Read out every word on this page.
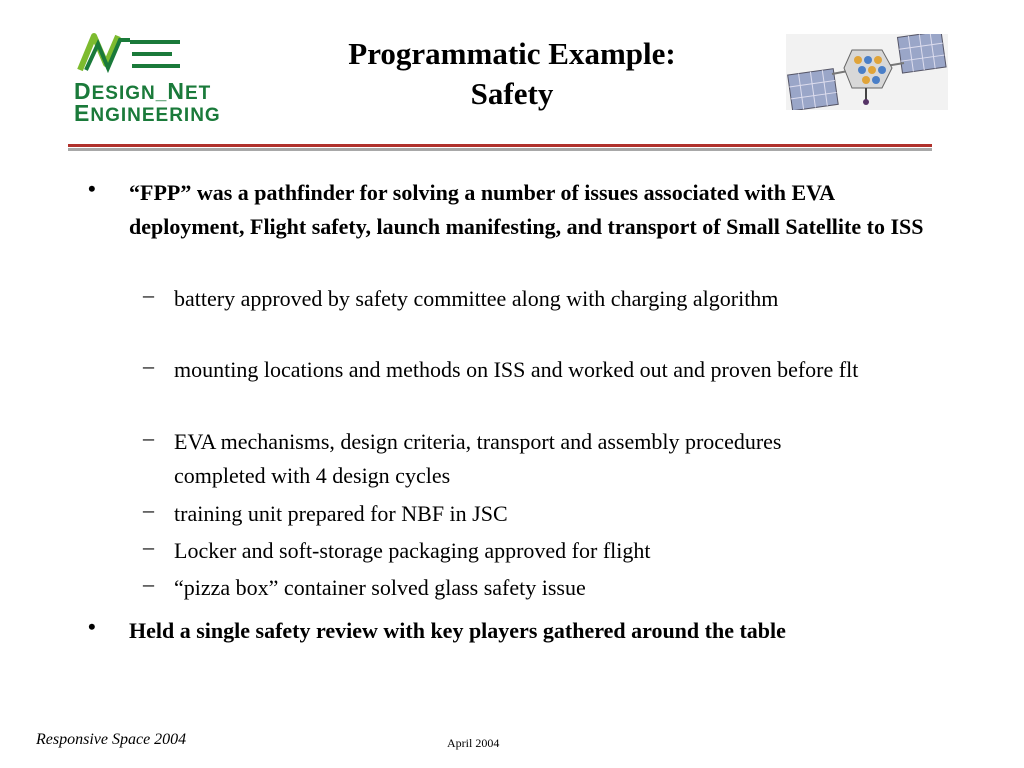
DESIGN_NET
ENGINEERING
Programmatic Example:
Safety
• “FPP” was a pathfinder for solving a number of issues associated with EVA deployment, Flight safety, launch manifesting, and transport of Small Satellite to ISS
– battery approved by safety committee along with charging algorithm
– mounting locations and methods on ISS and worked out and proven before flt
– EVA mechanisms, design criteria, transport and assembly procedures completed with 4 design cycles
– training unit prepared for NBF in JSC
– Locker and soft-storage packaging approved for flight
– “pizza box” container solved glass safety issue
• Held a single safety review with key players gathered around the table
Responsive Space 2004	April 2004
